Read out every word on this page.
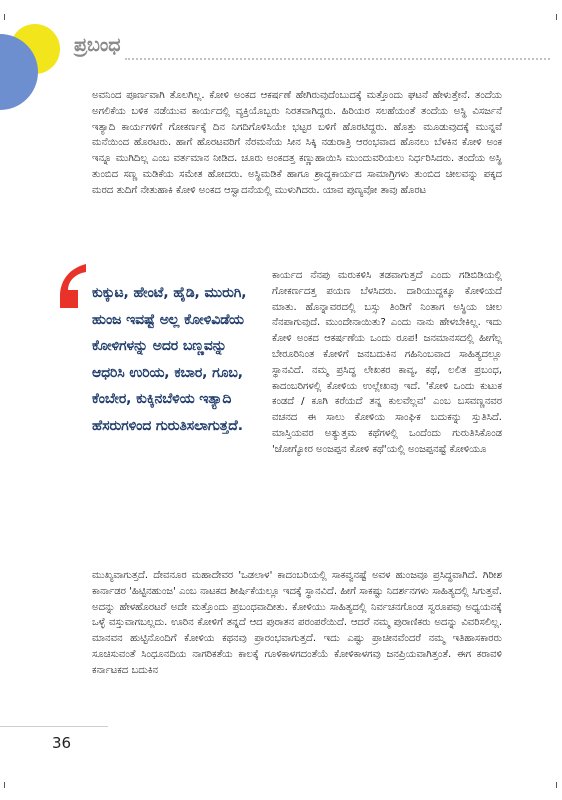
ಪ್ರಬಂಧ
ಅವನಿಂದ ಪೂರ್ಣವಾಗಿ ತೊಲಗಿಲ್ಲ. ಕೋಳಿ ಅಂಕದ ಆಕರ್ಷಣೆ ಹೇಗಿರುವುದೆಂಬುದಕ್ಕೆ ಮತ್ತೊಂದು ಘಟನೆ ಹೇಳುತ್ತೇನೆ. ತಂದೆಯ ಅಗಲಿಕೆಯ ಬಳಿಕ ನಡೆಯುವ ಕಾರ್ಯದಲ್ಲಿ ವ್ಯಕ್ತಿಯೊಬ್ಬರು ನಿರತವಾಗಿದ್ದರು. ಹಿರಿಯರ ಸಲಹೆಯಂತೆ ತಂದೆಯ ಅಸ್ಥಿ ವಿಸರ್ಜನೆ ಇತ್ಯಾದಿ ಕಾರ್ಯಗಳಿಗೆ ಗೋಕರ್ಣಕ್ಕೆ ದಿನ ನಿಗದಿಗೊಳಿಸಿಯೇ ಭಟ್ಟರ ಬಳಿಗೆ ಹೊರಟಿದ್ದರು. ಹೊತ್ತು ಮೂಡುವುದಕ್ಕೆ ಮುನ್ನವೆ ಮನೆಯಿಂದ ಹೊರಟರು. ಹಾಗೆ ಹೊರಟವರಿಗೆ ನೆರಮನೆಯ ಸೀನ ಸಿಕ್ಕಿ ನಡುರಾತ್ರಿ ಆರಂಭವಾದ ಹೊನಲು ಬೆಳಕಿನ ಕೋಳಿ ಅಂಕ ಇನ್ನೂ ಮುಗಿದಿಲ್ಲ ಎಂಬ ವರ್ತಮಾನ ನೀಡಿದ. ಚೂರು ಅಂಕದತ್ತ ಕಣ್ಣುಹಾಯಿಸಿ ಮುಂದುವರಿಯಲು ನಿರ್ಧರಿಸಿದರು. ತಂದೆಯ ಅಸ್ಥಿ ತುಂಬಿದ ಸಣ್ಣ ಮಡಿಕೆಯ ಸಮೇತ ಹೋದರು. ಅಸ್ಥಿಮಡಿಕೆ ಹಾಗೂ ಶ್ರಾದ್ಧಕಾರ್ಯದ ಸಾಮಾಗ್ರಿಗಳು ತುಂಬಿದ ಚೀಲವನ್ನು ಪಕ್ಕದ ಮರದ ತುದಿಗೆ ನೇತುಹಾಕಿ ಕೋಳಿ ಅಂಕದ ಆಸ್ವಾದನೆಯಲ್ಲಿ ಮುಳುಗಿದರು. ಯಾವ ಪುಣ್ಯವೋ ತಾವು ಹೊರಟ
ಕುಕ್ಕುಟ, ಹೇಂಟೆ, ಹೈಡಿ, ಮುರುಗಿ, ಹುಂಜ ಇವಷ್ಟೆ ಅಲ್ಲ ಕೋಳಿವಿಡೆಯ ಕೋಳಿಗಳನ್ನು ಅದರ ಬಣ್ಣವನ್ನು ಆಧರಿಸಿ ಉರಿಯ, ಕಬಾರ, ಗೂಬ, ಕೆಂಬೇರ, ಕುಕ್ಕಿನಬೆಳಿಯ ಇತ್ಯಾದಿ ಹೆಸರುಗಳಿಂದ ಗುರುತಿಸಲಾಗುತ್ತದೆ.
ಕಾರ್ಯದ ನೆನಪು ಮರುಕಳಿಸಿ ತಡವಾಗುತ್ತದೆ ಎಂದು ಗಡಿಬಿಡಿಯಲ್ಲಿ ಗೋಕರ್ಣದತ್ತ ಪಯಣ ಬೆಳಸಿದರು. ದಾರಿಯುದ್ದಕ್ಕೂ ಕೋಳಿಯದೆ ಮಾತು. ಹೊನ್ನಾವರದಲ್ಲಿ ಬಸ್ಸು ತಿಂಡಿಗೆ ನಿಂತಾಗ ಅಸ್ಥಿಯ ಚೀಲ ನೆನಪಾಗುವುದೆ. ಮುಂದೇನಾಯಿತು? ಎಂದು ನಾನು ಹೇಳಬೇಕಿಲ್ಲ. ಇದು ಕೋಳಿ ಅಂಕದ ಆಕರ್ಷಣೆಯ ಒಂದು ರೂಪ! ಜನಮಾನಸದಲ್ಲಿ ಹೀಗೆಲ್ಲ ಬೇರೂರಿನಿಂತ ಕೋಳಿಗೆ ಜನಬದುಕಿನ ಗಹಿನಿಂಬವಾದ ಸಾಹಿತ್ಯದಲ್ಲೂ ಸ್ಥಾನವಿದೆ. ನಮ್ಮ ಪ್ರಸಿದ್ಧ ಲೇಖಕರ ಕಾವ್ಯ, ಕಥೆ, ಲಲಿತ ಪ್ರಬಂಧ, ಕಾದಂಬರಿಗಳಲ್ಲಿ ಕೋಳಿಯ ಉಲ್ಲೇಖವು ಇದೆ. 'ಕೋಳಿ ಒಂದು ಕುಟುಕ ಕಂಡದೆ / ಕೂಗಿ ಕರೆಯದೆ ತನ್ನ ಕುಲವೆಲ್ಲವ' ಎಂಬ ಬಸವಣ್ಣನವರ ವಚನದ ಈ ಸಾಲು ಕೋಳಿಯ ಸಾಂಘಿಕ ಬದುಕನ್ನು ಸ್ತುತಿಸಿದೆ. ಮಾಸ್ತಿಯವರ ಅತ್ಯುತ್ತಮ ಕಥೆಗಳಲ್ಲಿ ಒಂದೆಂದು ಗುರುತಿಸಿಕೊಂಡ 'ಜೋಗ್ಯೋರ ಅಂಜಪ್ಪನ ಕೋಳಿ ಕಥೆ'ಯಲ್ಲಿ ಅಂಜಪ್ಪನಷ್ಟೆ ಕೋಳಿಯೂ
ಮುಖ್ಯವಾಗುತ್ತದೆ. ದೇವನೂರ ಮಹಾದೇವರ 'ಒಡಲಾಳ' ಕಾದಂಬರಿಯಲ್ಲಿ ಸಾಕವ್ವನಷ್ಟೆ ಅವಳ ಹುಂಜವೂ ಪ್ರಸಿದ್ಧವಾಗಿದೆ. ಗಿರೀಶ ಕಾರ್ನಾಡರ 'ಹಿಟ್ಟಿನಹುಂಜ' ಎಂಬ ನಾಟಕದ ಶೀರ್ಷಿಕೆಯಲ್ಲೂ ಇದಕ್ಕೆ ಸ್ಥಾನವಿದೆ. ಹೀಗೆ ಸಾಕಷ್ಟು ನಿದರ್ಶನಗಳು ಸಾಹಿತ್ಯದಲ್ಲಿ ಸಿಗುತ್ತವೆ. ಅದನ್ನು ಹೇಳಹೊರಟರೆ ಅದೇ ಮತ್ತೊಂದು ಪ್ರಬಂಧವಾದೀತು. ಕೋಳಿಯು ಸಾಹಿತ್ಯದಲ್ಲಿ ನಿರ್ವಚನಗೊಂಡ ಸ್ವರೂಪವು ಅಧ್ಯಯನಕ್ಕೆ ಒಳ್ಳೆ ವಸ್ತುವಾಗಬಲ್ಲದು. ಊರಿನ ಕೋಳಿಗೆ ತನ್ನದೆ ಆದ ಪುರಾತನ ಪರಂಪರೆಯಿದೆ. ಆದರೆ ನಮ್ಮ ಪುರಾಣಿಕರು ಅದನ್ನು ವಿವರಿಸಲಿಲ್ಲ. ಮಾನವನ ಹುಟ್ಟಿನೊಂದಿಗೆ ಕೋಳಿಯ ಕಥನವು ಪ್ರಾರಂಭವಾಗುತ್ತದೆ. ಇದು ಎಷ್ಟು ಪ್ರಾಚೀನವೆಂದರೆ ನಮ್ಮ ಇತಿಹಾಸಕಾರರು ಸೂಚಿಸುವಂತೆ ಸಿಂಧೂನದಿಯ ನಾಗರಿಕತೆಯ ಕಾಲಕ್ಕೆ ಗೂಳಿಕಾಳಗದಂತೆಯೆ ಕೋಳಿಕಾಳಗವು ಜನಪ್ರಿಯವಾಗಿತ್ತಂತೆ. ಈಗ ಕರಾವಳಿ ಕರ್ನಾಟಕದ ಬದುಕಿನ
36
